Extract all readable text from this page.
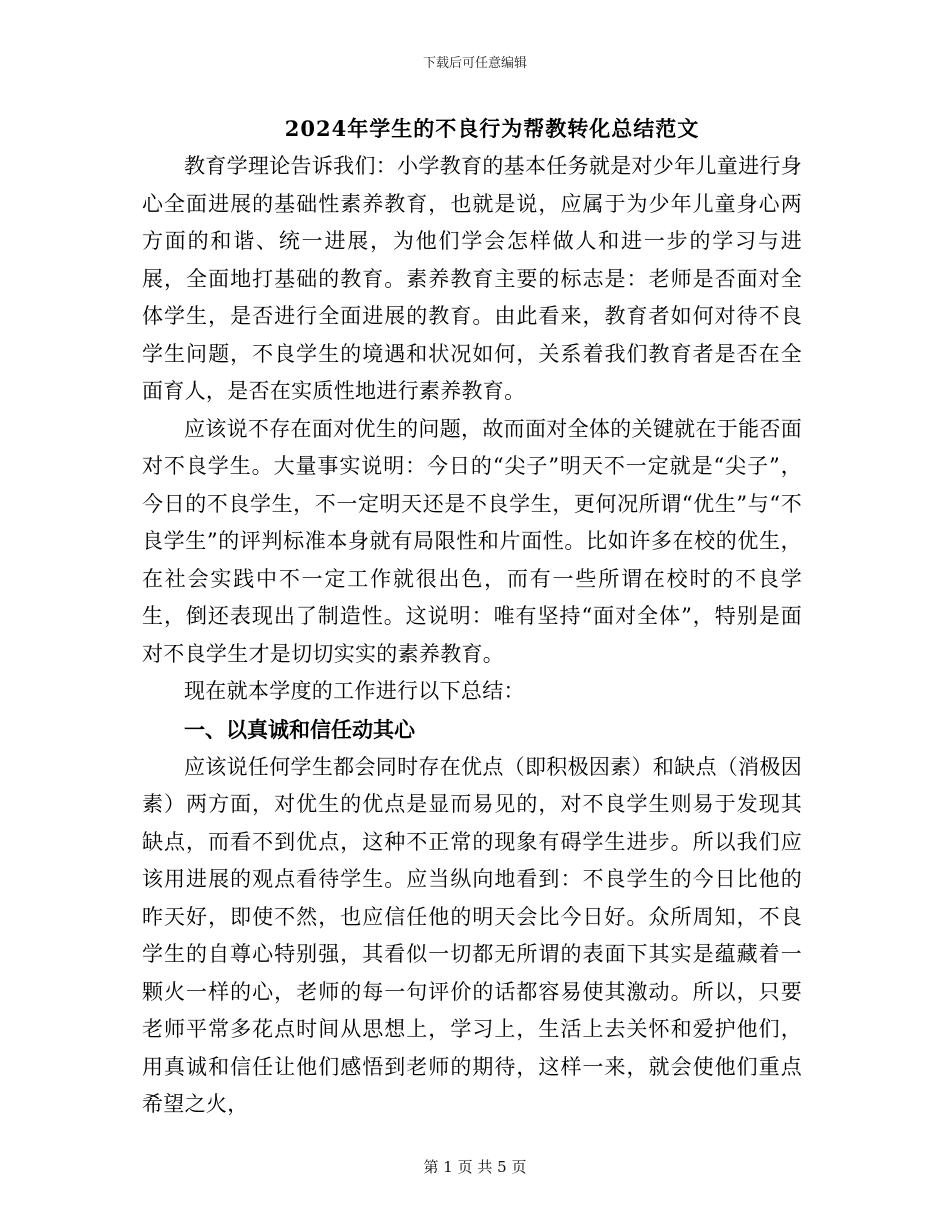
下载后可任意编辑
2024年学生的不良行为帮教转化总结范文

教育学理论告诉我们：小学教育的基本任务就是对少年儿童进行身心全面进展的基础性素养教育，也就是说，应属于为少年儿童身心两方面的和谐、统一进展，为他们学会怎样做人和进一步的学习与进展，全面地打基础的教育。素养教育主要的标志是：老师是否面对全体学生，是否进行全面进展的教育。由此看来，教育者如何对待不良学生问题，不良学生的境遇和状况如何，关系着我们教育者是否在全面育人，是否在实质性地进行素养教育。

应该说不存在面对优生的问题，故而面对全体的关键就在于能否面对不良学生。大量事实说明：今日的“尖子”明天不一定就是“尖子”，今日的不良学生，不一定明天还是不良学生，更何况所谓“优生”与“不良学生”的评判标准本身就有局限性和片面性。比如许多在校的优生，在社会实践中不一定工作就很出色，而有一些所谓在校时的不良学生，倒还表现出了制造性。这说明：唯有坚持“面对全体”，特别是面对不良学生才是切切实实的素养教育。

现在就本学度的工作进行以下总结：

一、以真诚和信任动其心

应该说任何学生都会同时存在优点（即积极因素）和缺点（消极因素）两方面，对优生的优点是显而易见的，对不良学生则易于发现其缺点，而看不到优点，这种不正常的现象有碍学生进步。所以我们应该用进展的观点看待学生。应当纵向地看到：不良学生的今日比他的昨天好，即使不然，也应信任他的明天会比今日好。众所周知，不良学生的自尊心特别强，其看似一切都无所谓的表面下其实是蕴藏着一颗火一样的心，老师的每一句评价的话都容易使其激动。所以，只要老师平常多花点时间从思想上，学习上，生活上去关怀和爱护他们，用真诚和信任让他们感悟到老师的期待，这样一来，就会使他们重点希望之火，

第 1 页 共 5 页
